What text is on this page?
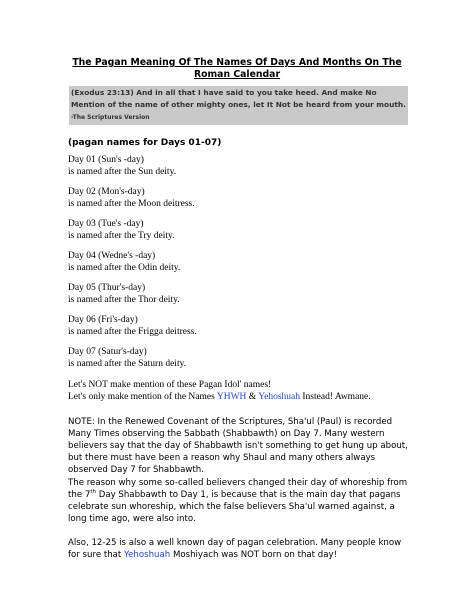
The Pagan Meaning Of The Names Of Days And Months On The Roman Calendar
(Exodus 23:13) And in all that I have said to you take heed. And make No Mention of the name of other mighty ones, let It Not be heard from your mouth. -The Scriptures Version
(pagan names for Days 01-07)
Day 01 (Sun's -day)
is named after the Sun deity.
Day 02 (Mon's-day)
is named after the Moon deitress.
Day 03 (Tue's -day)
is named after the Try deity.
Day 04 (Wedne's -day)
is named after the Odin deity.
Day 05 (Thur's-day)
is named after the Thor deity.
Day 06 (Fri's-day)
is named after the Frigga deitress.
Day 07 (Satur's-day)
is named after the Saturn deity.
Let's NOT make mention of these Pagan Idol' names!
Let's only make mention of the Names YHWH & Yehoshuah Instead! Awmane.
NOTE: In the Renewed Covenant of the Scriptures, Sha'ul (Paul) is recorded Many Times observing the Sabbath (Shabbawth) on Day 7. Many western believers say that the day of Shabbawth isn't something to get hung up about, but there must have been a reason why Shaul and many others always observed Day 7 for Shabbawth.
The reason why some so-called believers changed their day of whoreship from the 7th Day Shabbawth to Day 1, is because that is the main day that pagans celebrate sun whoreship, which the false believers Sha'ul warned against, a long time ago, were also into.
Also, 12-25 is also a well known day of pagan celebration. Many people know for sure that Yehoshuah Moshiyach was NOT born on that day!
